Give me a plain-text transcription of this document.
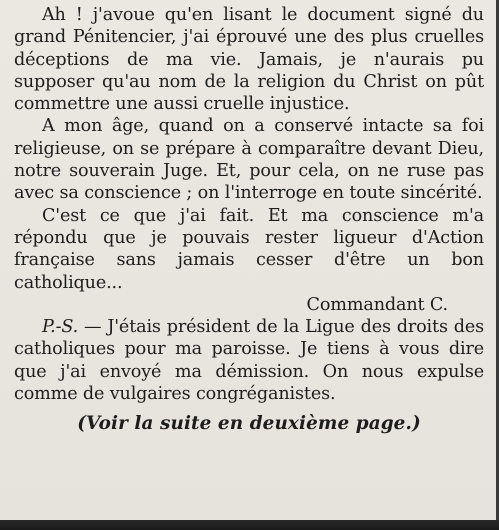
Ah ! j'avoue qu'en lisant le document signé du grand Pénitencier, j'ai éprouvé une des plus cruelles déceptions de ma vie. Jamais, je n'aurais pu supposer qu'au nom de la religion du Christ on pût commettre une aussi cruelle injustice.

A mon âge, quand on a conservé intacte sa foi religieuse, on se prépare à comparaître devant Dieu, notre souverain Juge. Et, pour cela, on ne ruse pas avec sa conscience ; on l'interroge en toute sincérité.

C'est ce que j'ai fait. Et ma conscience m'a répondu que je pouvais rester ligueur d'Action française sans jamais cesser d'être un bon catholique...

Commandant C.

P.-S. — J'étais président de la Ligue des droits des catholiques pour ma paroisse. Je tiens à vous dire que j'ai envoyé ma démission. On nous expulse comme de vulgaires congréganistes.

(Voir la suite en deuxième page.)
